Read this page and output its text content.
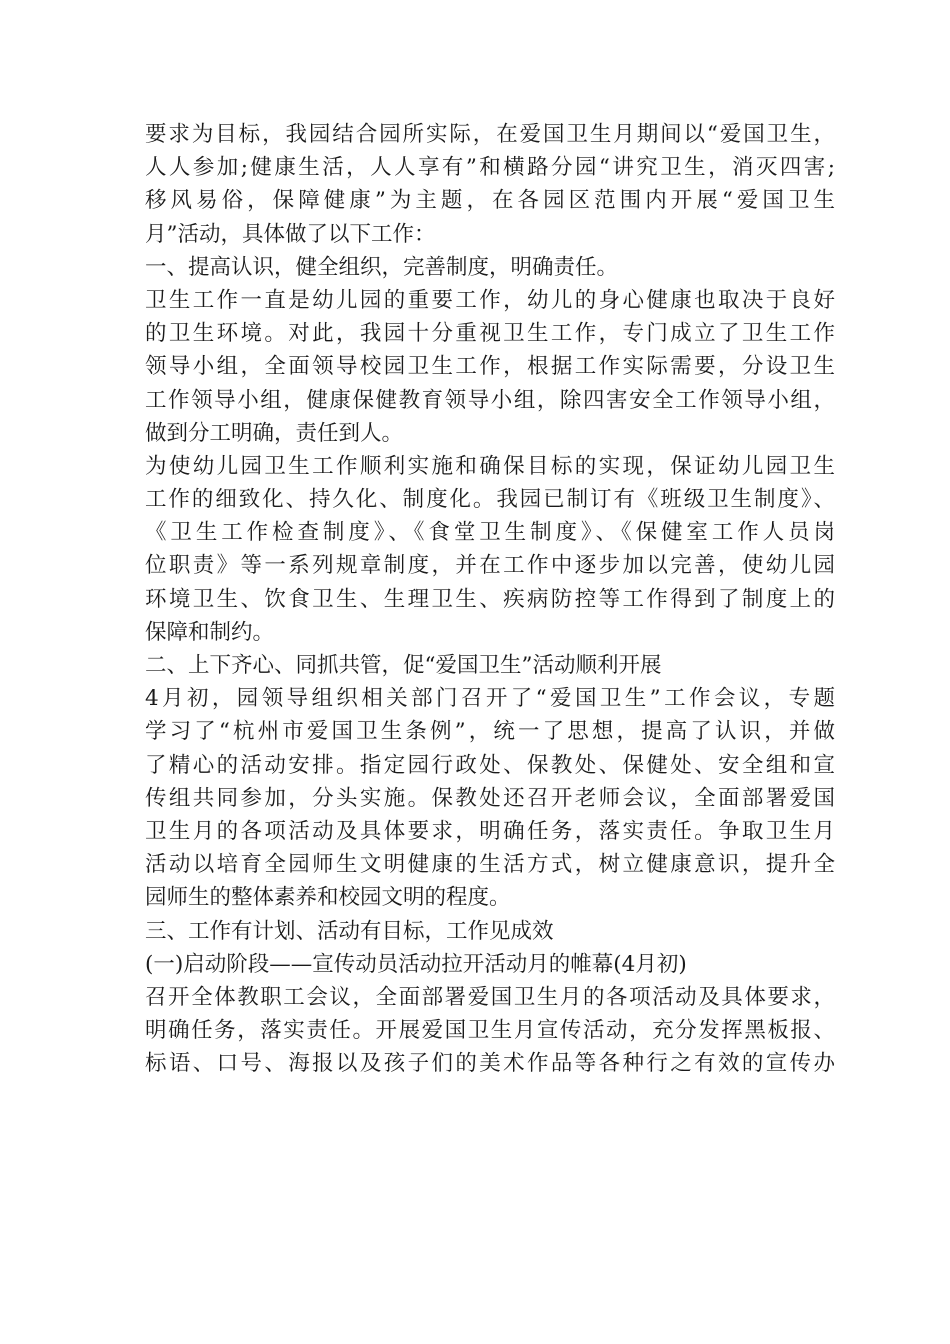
要求为目标，我园结合园所实际，在爱国卫生月期间以“爱国卫生，
人人参加;健康生活，人人享有”和横路分园“讲究卫生，消灭四害;
移风易俗，保障健康”为主题，在各园区范围内开展“爱国卫生
月”活动，具体做了以下工作：
一、提高认识，健全组织，完善制度，明确责任。
卫生工作一直是幼儿园的重要工作，幼儿的身心健康也取决于良好
的卫生环境。对此，我园十分重视卫生工作，专门成立了卫生工作
领导小组，全面领导校园卫生工作，根据工作实际需要，分设卫生
工作领导小组，健康保健教育领导小组，除四害安全工作领导小组，
做到分工明确，责任到人。
为使幼儿园卫生工作顺利实施和确保目标的实现，保证幼儿园卫生
工作的细致化、持久化、制度化。我园已制订有《班级卫生制度》、
《卫生工作检查制度》、《食堂卫生制度》、《保健室工作人员岗
位职责》等一系列规章制度，并在工作中逐步加以完善，使幼儿园
环境卫生、饮食卫生、生理卫生、疾病防控等工作得到了制度上的
保障和制约。
二、上下齐心、同抓共管，促“爱国卫生”活动顺利开展
4月初，园领导组织相关部门召开了“爱国卫生”工作会议，专题
学习了“杭州市爱国卫生条例”，统一了思想，提高了认识，并做
了精心的活动安排。指定园行政处、保教处、保健处、安全组和宣
传组共同参加，分头实施。保教处还召开老师会议，全面部署爱国
卫生月的各项活动及具体要求，明确任务，落实责任。争取卫生月
活动以培育全园师生文明健康的生活方式，树立健康意识，提升全
园师生的整体素养和校园文明的程度。
三、工作有计划、活动有目标，工作见成效
(一)启动阶段——宣传动员活动拉开活动月的帷幕(4月初)
召开全体教职工会议，全面部署爱国卫生月的各项活动及具体要求，
明确任务，落实责任。开展爱国卫生月宣传活动，充分发挥黑板报、
标语、口号、海报以及孩子们的美术作品等各种行之有效的宣传办
